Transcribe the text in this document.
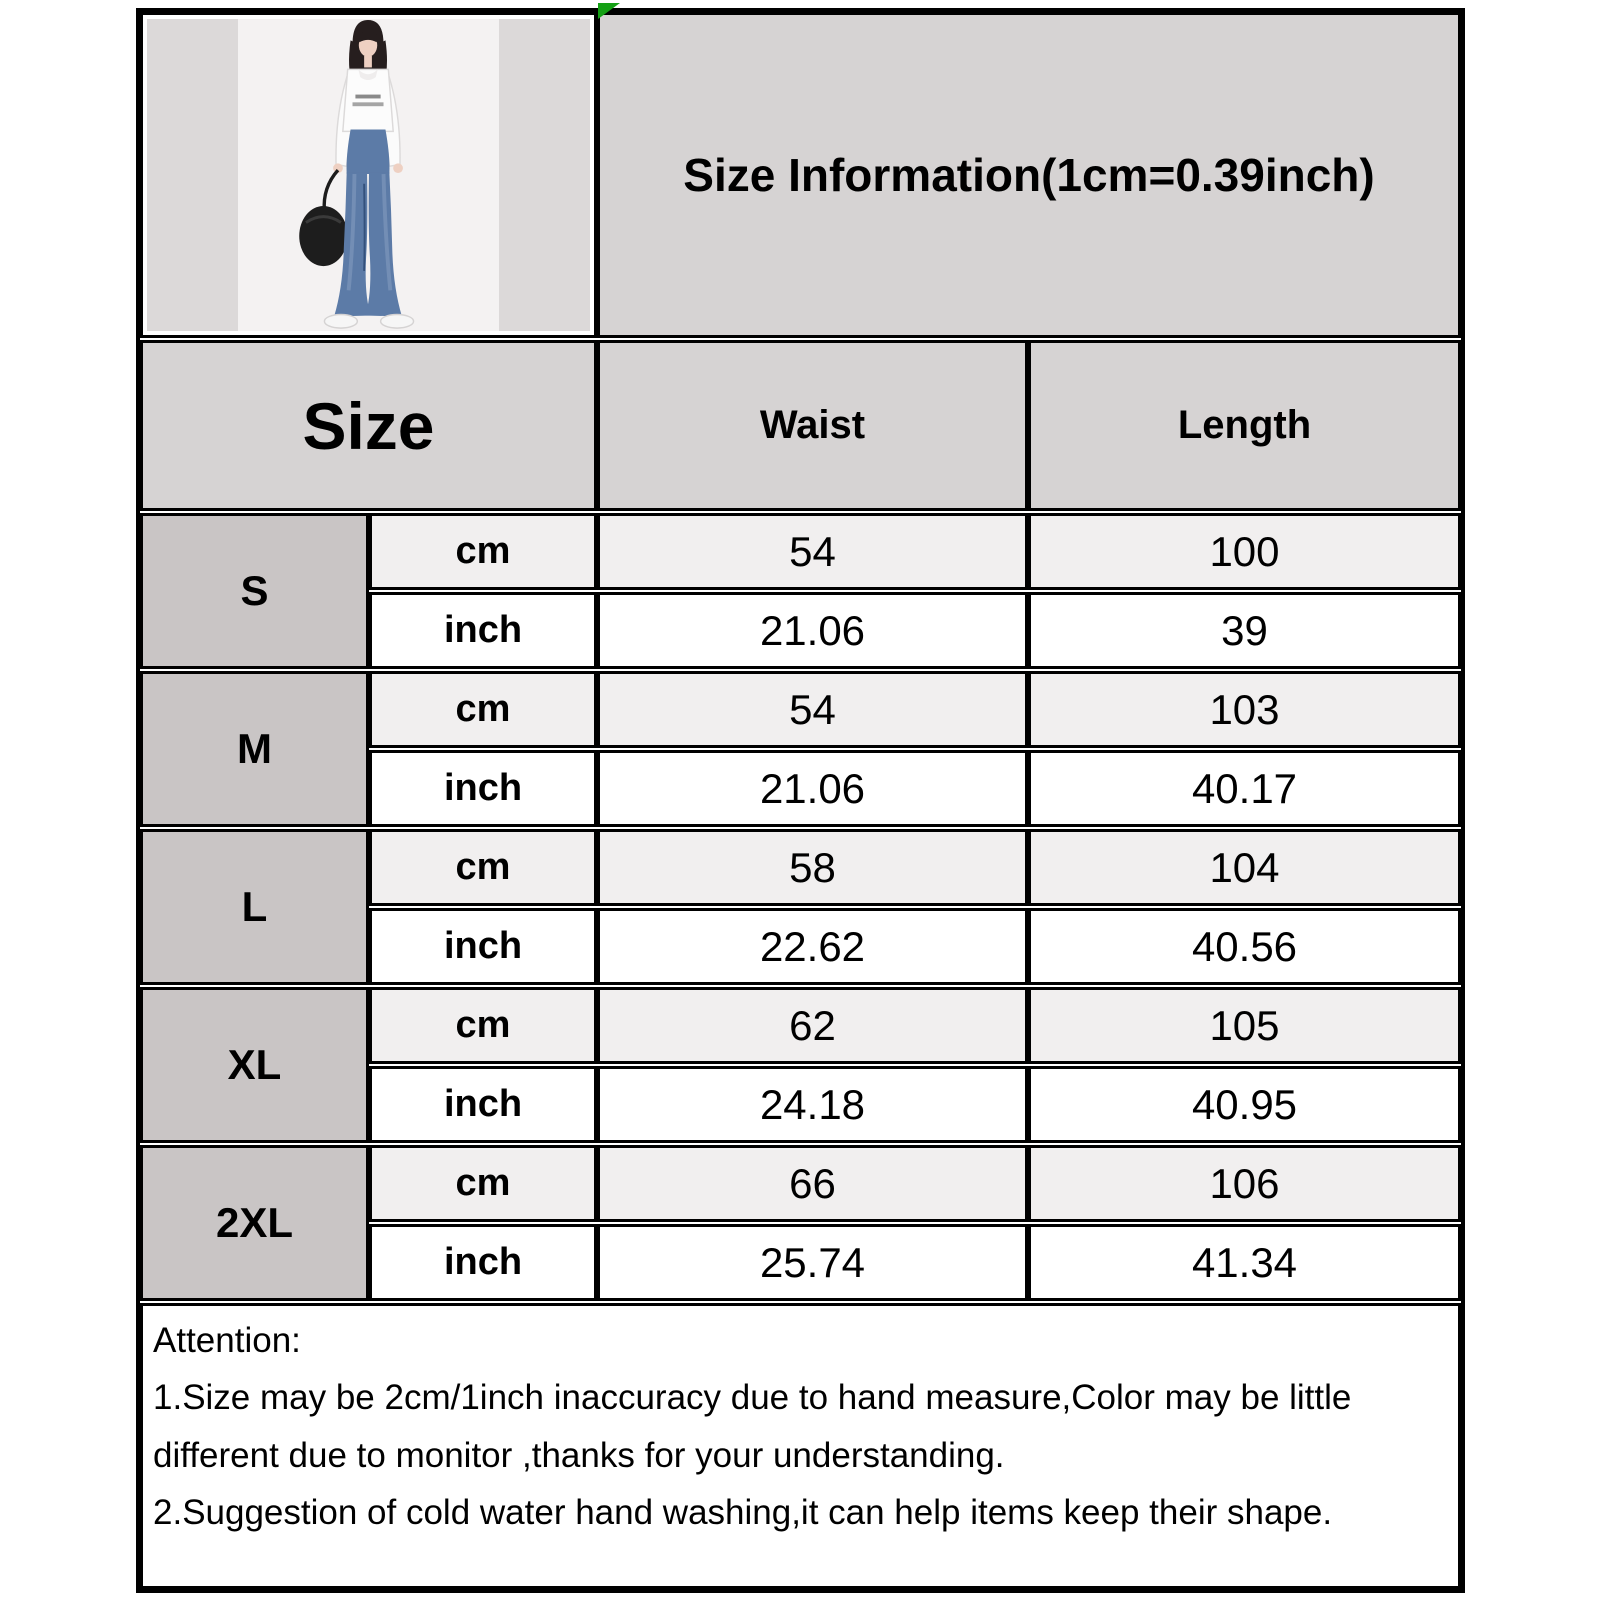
Size Information(1cm=0.39inch)
Size	Waist	Length
S
cm	54	100
inch	21.06	39
M
cm	54	103
inch	21.06	40.17
L
cm	58	104
inch	22.62	40.56
XL
cm	62	105
inch	24.18	40.95
2XL
cm	66	106
inch	25.74	41.34
Attention:
1.Size may be 2cm/1inch inaccuracy due to hand measure,Color may be little
different due to monitor ,thanks for your understanding.
2.Suggestion of cold water hand washing,it can help items keep their shape.
